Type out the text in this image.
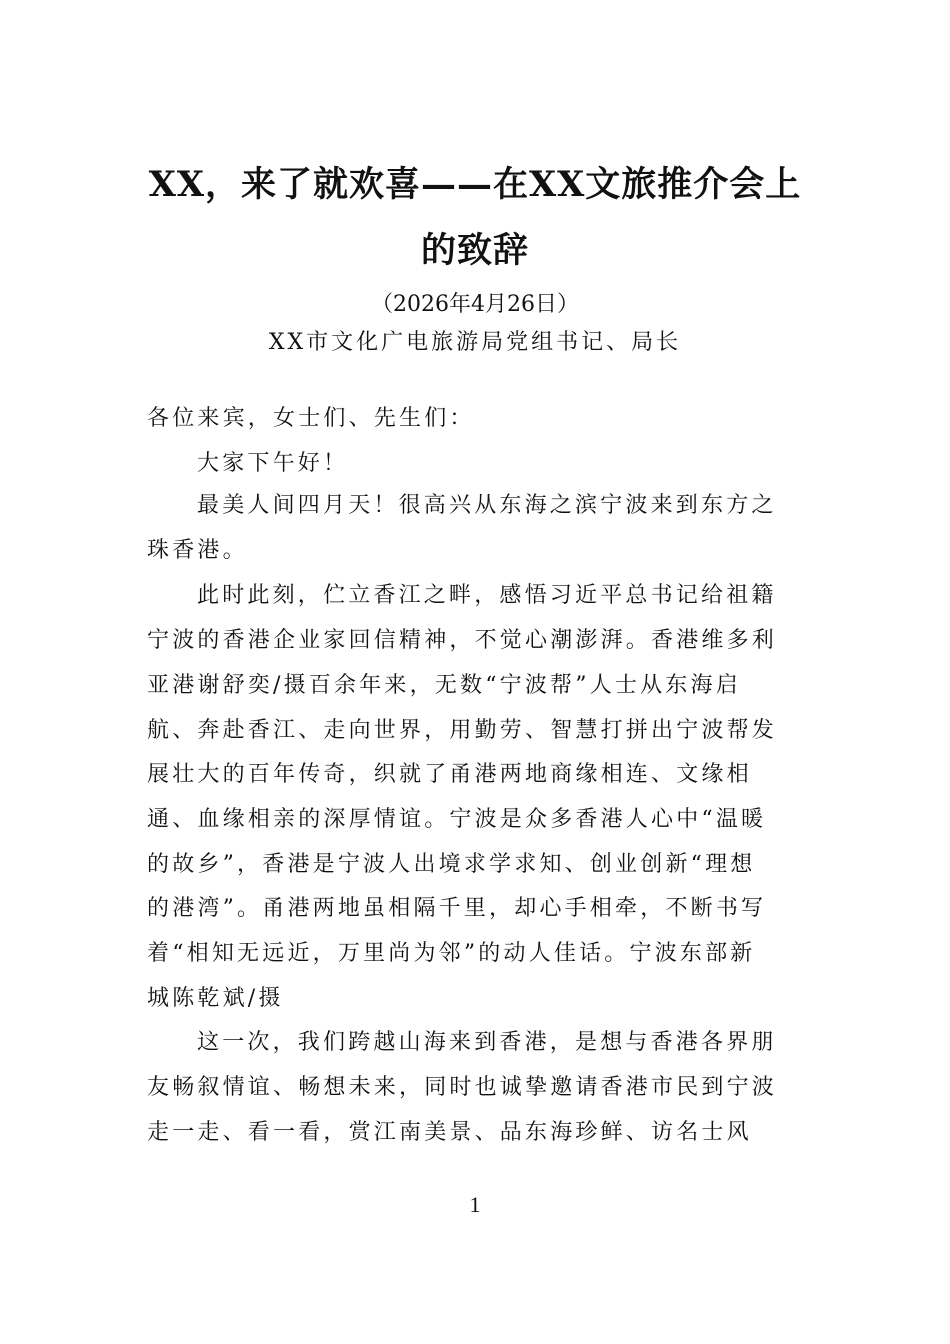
XX，来了就欢喜——在XX文旅推介会上
的致辞
（2026年4月26日）
XX市文化广电旅游局党组书记、局长
各位来宾，女士们、先生们：
大家下午好！
最美人间四月天！很高兴从东海之滨宁波来到东方之
珠香港。
此时此刻，伫立香江之畔，感悟习近平总书记给祖籍
宁波的香港企业家回信精神，不觉心潮澎湃。香港维多利
亚港谢舒奕/摄百余年来，无数“宁波帮”人士从东海启
航、奔赴香江、走向世界，用勤劳、智慧打拼出宁波帮发
展壮大的百年传奇，织就了甬港两地商缘相连、文缘相
通、血缘相亲的深厚情谊。宁波是众多香港人心中“温暖
的故乡”，香港是宁波人出境求学求知、创业创新“理想
的港湾”。甬港两地虽相隔千里，却心手相牵，不断书写
着“相知无远近，万里尚为邻”的动人佳话。宁波东部新
城陈乾斌/摄
这一次，我们跨越山海来到香港，是想与香港各界朋
友畅叙情谊、畅想未来，同时也诚挚邀请香港市民到宁波
走一走、看一看，赏江南美景、品东海珍鲜、访名士风
1
